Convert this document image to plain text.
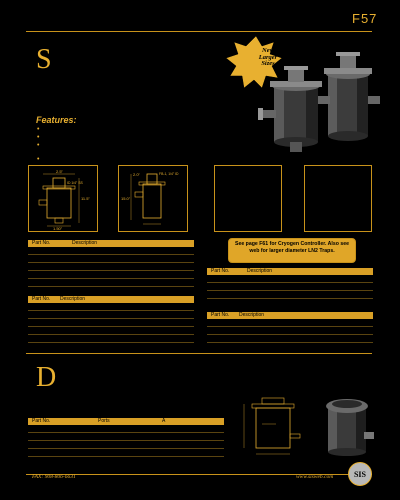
F57
S	New
Larger
Sizes
Features:
•
•
•
•
2.5"
11.5"
1.50"
ID 1/4" SS
2.0"
15.0"
FB-1, 1/4" ID
Part No.	Description
Part No. Description
See page F61 for Cryogen Controller. Also see web for larger diameter LN2 Traps.
Part No.	Description
Part No. Description
D
Part No.	Ports	A
FAX: 908-806-6631	www.sisweb.com	SIS
